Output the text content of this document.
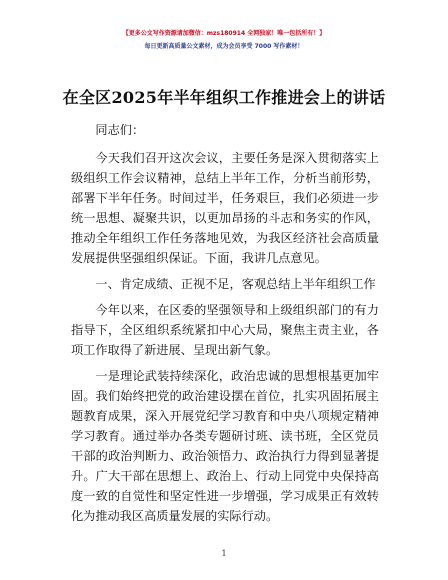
【更多公文写作资源请加微信：mzs180914 全网独家！唯一包括所有！】
每日更新高质量公文素材，成为会员享受 7000 写作素材！
在全区2025年半年组织工作推进会上的讲话

同志们：

今天我们召开这次会议，主要任务是深入贯彻落实上级组织工作会议精神，总结上半年工作，分析当前形势，部署下半年任务。时间过半，任务艰巨，我们必须进一步统一思想、凝聚共识，以更加昂扬的斗志和务实的作风，推动全年组织工作任务落地见效，为我区经济社会高质量发展提供坚强组织保证。下面，我讲几点意见。

一、肯定成绩、正视不足，客观总结上半年组织工作

今年以来，在区委的坚强领导和上级组织部门的有力指导下，全区组织系统紧扣中心大局，聚焦主责主业，各项工作取得了新进展、呈现出新气象。

一是理论武装持续深化，政治忠诚的思想根基更加牢固。我们始终把党的政治建设摆在首位，扎实巩固拓展主题教育成果，深入开展党纪学习教育和中央八项规定精神学习教育。通过举办各类专题研讨班、读书班，全区党员干部的政治判断力、政治领悟力、政治执行力得到显著提升。广大干部在思想上、政治上、行动上同党中央保持高度一致的自觉性和坚定性进一步增强，学习成果正有效转化为推动我区高质量发展的实际行动。

1
